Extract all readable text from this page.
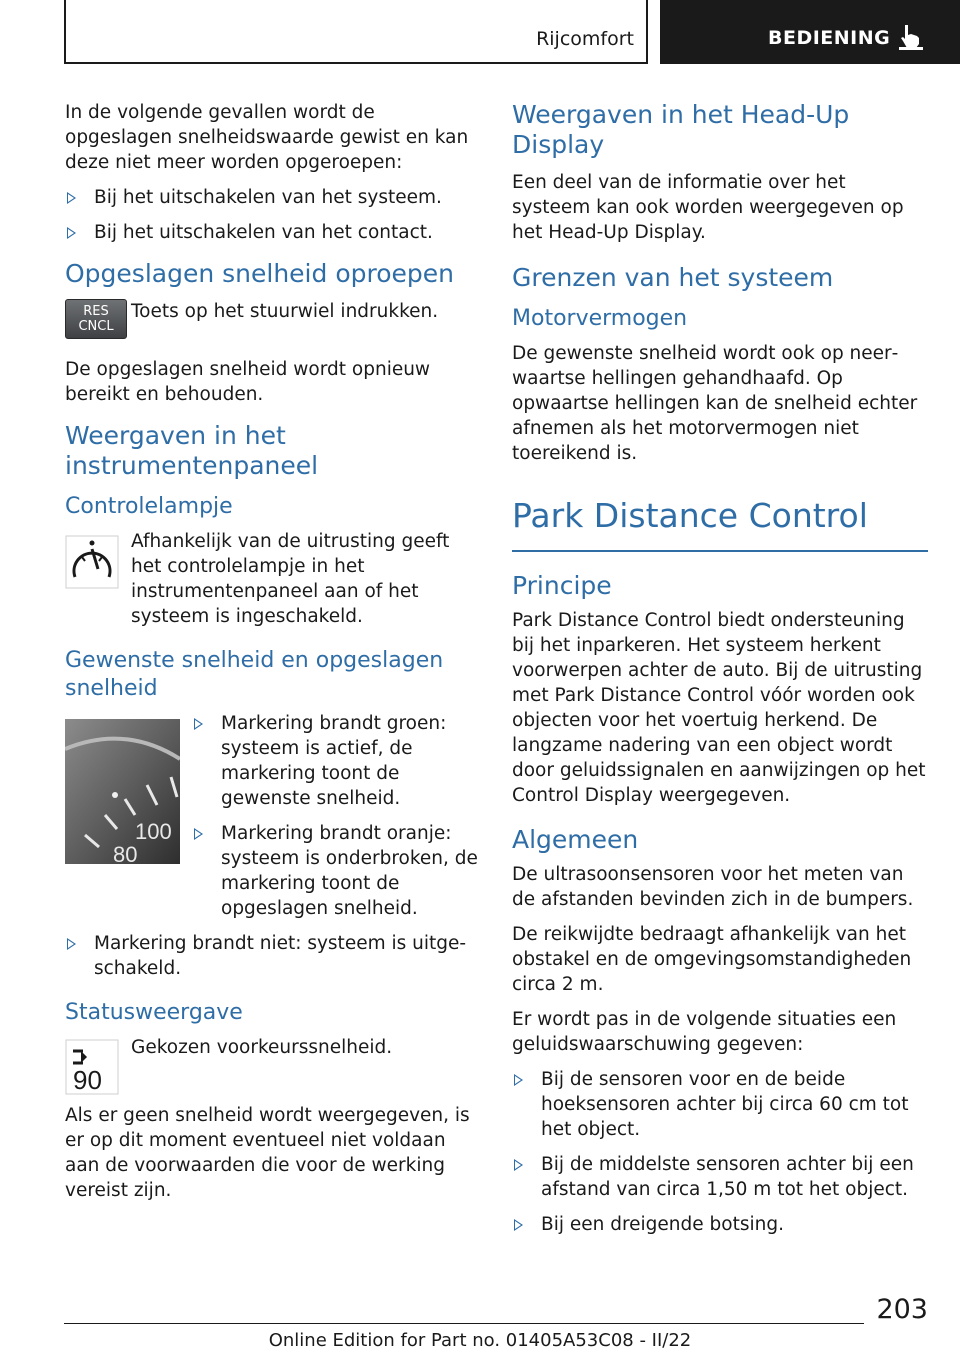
Rijcomfort	BEDIENING

In de volgende gevallen wordt de opgeslagen snelheidswaarde gewist en kan deze niet meer worden opgeroepen:

Bij het uitschakelen van het systeem.
Bij het uitschakelen van het contact.
Opgeslagen snelheid oproepen
RES
CNCL

Toets op het stuurwiel indrukken.

De opgeslagen snelheid wordt opnieuw bereikt en behouden.

Weergaven in het instrumentenpaneel
Controlelampje

Afhankelijk van de uitrusting geeft het controlelampje in het instrumentenpaneel aan of het systeem is ingeschakeld.

Gewenste snelheid en opgeslagen snelheid
100
80
Markering brandt groen: systeem is actief, de markering toont de gewenste snelheid.
Markering brandt oranje: systeem is onderbroken, de markering toont de opgeslagen snelheid.
Markering brandt niet: systeem is uitgeschakeld.
Statusweergave
90

Gekozen voorkeurssnelheid.

Als er geen snelheid wordt weergegeven, is er op dit moment eventueel niet voldaan aan de voorwaarden die voor de werking vereist zijn.

Weergaven in het Head-Up Display

Een deel van de informatie over het systeem kan ook worden weergegeven op het Head-Up Display.

Grenzen van het systeem
Motorvermogen

De gewenste snelheid wordt ook op neerwaartse hellingen gehandhaafd. Op opwaartse hellingen kan de snelheid echter afnemen als het motorvermogen niet toereikend is.

Park Distance Control
Principe

Park Distance Control biedt ondersteuning bij het inparkeren. Het systeem herkent voorwerpen achter de auto. Bij de uitrusting met Park Distance Control vóór worden ook objecten voor het voertuig herkend. De langzame nadering van een object wordt door geluidssignalen en aanwijzingen op het Control Display weergegeven.

Algemeen

De ultrasoonsensoren voor het meten van de afstanden bevinden zich in de bumpers.

De reikwijdte bedraagt afhankelijk van het obstakel en de omgevingsomstandigheden circa 2 m.

Er wordt pas in de volgende situaties een geluidswaarschuwing gegeven:

Bij de sensoren voor en de beide hoeksensoren achter bij circa 60 cm tot het object.
Bij de middelste sensoren achter bij een afstand van circa 1,50 m tot het object.
Bij een dreigende botsing.
203
Online Edition for Part no. 01405A53C08 - II/22
